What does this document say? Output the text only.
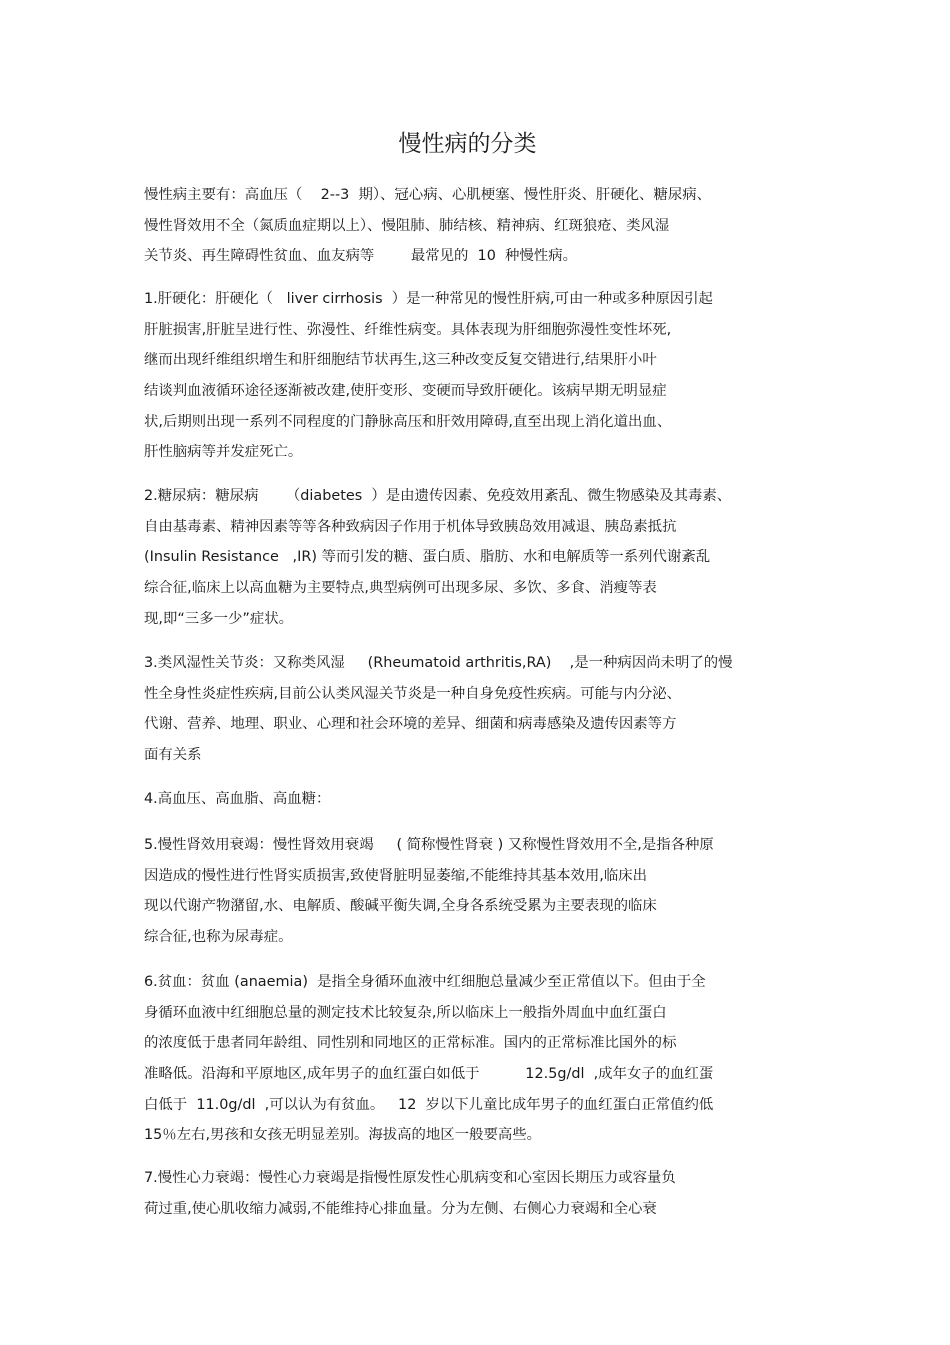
慢性病的分类
慢性病主要有：高血压（    2--3  期）、冠心病、心肌梗塞、慢性肝炎、肝硬化、糖尿病、
慢性肾效用不全（氮质血症期以上）、慢阻肺、肺结核、精神病、红斑狼疮、类风湿
关节炎、再生障碍性贫血、血友病等        最常见的  10  种慢性病。
1.肝硬化：肝硬化（   liver cirrhosis  ）是一种常见的慢性肝病,可由一种或多种原因引起
肝脏损害,肝脏呈进行性、弥漫性、纤维性病变。具体表现为肝细胞弥漫性变性坏死,
继而出现纤维组织增生和肝细胞结节状再生,这三种改变反复交错进行,结果肝小叶
结谈判血液循环途径逐渐被改建,使肝变形、变硬而导致肝硬化。该病早期无明显症
状,后期则出现一系列不同程度的门静脉高压和肝效用障碍,直至出现上消化道出血、
肝性脑病等并发症死亡。
2.糖尿病：糖尿病      （diabetes  ）是由遗传因素、免疫效用紊乱、微生物感染及其毒素、
自由基毒素、精神因素等等各种致病因子作用于机体导致胰岛效用减退、胰岛素抵抗
(Insulin Resistance   ,IR) 等而引发的糖、蛋白质、脂肪、水和电解质等一系列代谢紊乱
综合征,临床上以高血糖为主要特点,典型病例可出现多尿、多饮、多食、消瘦等表
现,即“三多一少”症状。
3.类风湿性关节炎：又称类风湿     (Rheumatoid arthritis,RA)    ,是一种病因尚未明了的慢
性全身性炎症性疾病,目前公认类风湿关节炎是一种自身免疫性疾病。可能与内分泌、
代谢、营养、地理、职业、心理和社会环境的差异、细菌和病毒感染及遗传因素等方
面有关系
4.高血压、高血脂、高血糖：
5.慢性肾效用衰竭：慢性肾效用衰竭     ( 简称慢性肾衰 ) 又称慢性肾效用不全,是指各种原
因造成的慢性进行性肾实质损害,致使肾脏明显萎缩,不能维持其基本效用,临床出
现以代谢产物潴留,水、电解质、酸碱平衡失调,全身各系统受累为主要表现的临床
综合征,也称为尿毒症。
6.贫血：贫血 (anaemia)  是指全身循环血液中红细胞总量减少至正常值以下。但由于全
身循环血液中红细胞总量的测定技术比较复杂,所以临床上一般指外周血中血红蛋白
的浓度低于患者同年龄组、同性别和同地区的正常标准。国内的正常标准比国外的标
准略低。沿海和平原地区,成年男子的血红蛋白如低于          12.5g/dl  ,成年女子的血红蛋
白低于  11.0g/dl  ,可以认为有贫血。   12  岁以下儿童比成年男子的血红蛋白正常值约低
15％左右,男孩和女孩无明显差别。海拔高的地区一般要高些。
7.慢性心力衰竭：慢性心力衰竭是指慢性原发性心肌病变和心室因长期压力或容量负
荷过重,使心肌收缩力减弱,不能维持心排血量。分为左侧、右侧心力衰竭和全心衰
